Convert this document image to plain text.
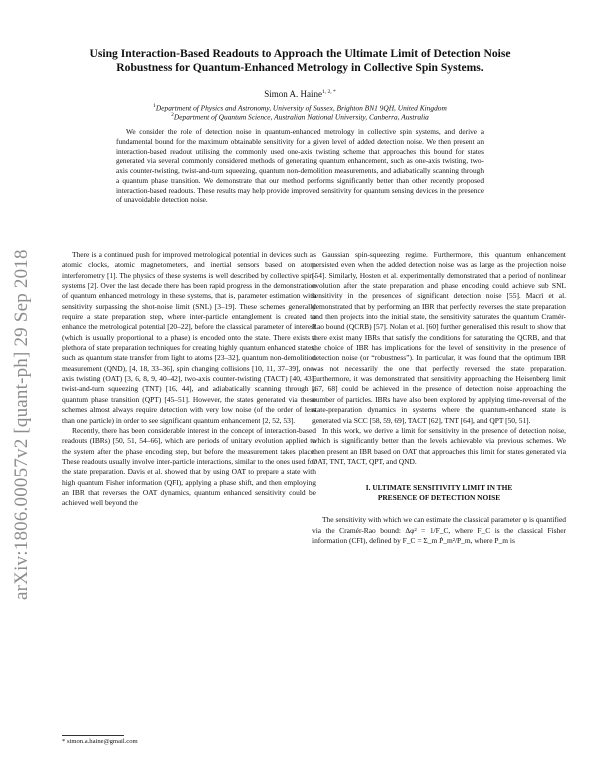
arXiv:1806.00057v2 [quant-ph] 29 Sep 2018
Using Interaction-Based Readouts to Approach the Ultimate Limit of Detection Noise
Robustness for Quantum-Enhanced Metrology in Collective Spin Systems.
Simon A. Haine$^{1, 2, *}$
$^1$Department of Physics and Astronomy, University of Sussex, Brighton BN1 9QH, United Kingdom
$^2$Department of Quantum Science, Australian National University, Canberra, Australia

We consider the role of detection noise in quantum-enhanced metrology in collective spin systems, and derive a fundamental bound for the maximum obtainable sensitivity for a given level of added detection noise. We then present an interaction-based readout utilising the commonly used one-axis twisting scheme that approaches this bound for states generated via several commonly considered methods of generating quantum enhancement, such as one-axis twisting, two-axis counter-twisting, twist-and-turn squeezing, quantum non-demolition measurements, and adiabatically scanning through a quantum phase transition. We demonstrate that our method performs significantly better than other recently proposed interaction-based readouts. These results may help provide improved sensitivity for quantum sensing devices in the presence of unavoidable detection noise.

There is a continued push for improved metrological potential in devices such as atomic clocks, atomic magnetometers, and inertial sensors based on atom interferometry [1]. The physics of these systems is well described by collective spin-systems [2]. Over the last decade there has been rapid progress in the demonstration of quantum enhanced metrology in these systems, that is, parameter estimation with sensitivity surpassing the shot-noise limit (SNL) [3–19]. These schemes generally require a state preparation step, where inter-particle entanglement is created to enhance the metrological potential [20–22], before the classical parameter of interest (which is usually proportional to a phase) is encoded onto the state. There exists a plethora of state preparation techniques for creating highly quantum enhanced states, such as quantum state transfer from light to atoms [23–32], quantum non-demolition measurement (QND), [4, 18, 33–36], spin changing collisions [10, 11, 37–39], one-axis twisting (OAT) [3, 6, 8, 9, 40–42], two-axis counter-twisting (TACT) [40, 43], twist-and-turn squeezing (TNT) [16, 44], and adiabatically scanning through a quantum phase transition (QPT) [45–51]. However, the states generated via these schemes almost always require detection with very low noise (of the order of less than one particle) in order to see significant quantum enhancement [2, 52, 53].

Recently, there has been considerable interest in the concept of interaction-based readouts (IBRs) [50, 51, 54–66], which are periods of unitary evolution applied to the system after the phase encoding step, but before the measurement takes place. These readouts usually involve inter-particle interactions, similar to the ones used for the state preparation. Davis et al. showed that by using OAT to prepare a state with high quantum Fisher information (QFI), applying a phase shift, and then employing an IBR that reverses the OAT dynamics, quantum enhanced sensitivity could be achieved well beyond the

Gaussian spin-squeezing regime. Furthermore, this quantum enhancement persisted even when the added detection noise was as large as the projection noise [54]. Similarly, Hosten et al. experimentally demonstrated that a period of nonlinear evolution after the state preparation and phase encoding could achieve sub SNL sensitivity in the presences of significant detection noise [55]. Macrì et al. demonstrated that by performing an IBR that perfectly reverses the state preparation and then projects into the initial state, the sensitivity saturates the quantum Cramér-Rao bound (QCRB) [57]. Nolan et al. [60] further generalised this result to show that there exist many IBRs that satisfy the conditions for saturating the QCRB, and that the choice of IBR has implications for the level of sensitivity in the presence of detection noise (or “robustness”). In particular, it was found that the optimum IBR was not necessarily the one that perfectly reversed the state preparation. Furthermore, it was demonstrated that sensitivity approaching the Heisenberg limit [67, 68] could be achieved in the presence of detection noise approaching the number of particles. IBRs have also been explored by applying time-reversal of the state-preparation dynamics in systems where the quantum-enhanced state is generated via SCC [58, 59, 69], TACT [62], TNT [64], and QPT [50, 51].

In this work, we derive a limit for sensitivity in the presence of detection noise, which is significantly better than the levels achievable via previous schemes. We then present an IBR based on OAT that approaches this limit for states generated via OAT, TNT, TACT, QPT, and QND.

I. ULTIMATE SENSITIVITY LIMIT IN THE
PRESENCE OF DETECTION NOISE

The sensitivity with which we can estimate the classical parameter φ is quantified via the Cramér-Rao bound: Δφ² = 1/F_C, where F_C is the classical Fisher information (CFI), defined by F_C = Σ_m Ṗ_m²/P_m, where P_m is

* simon.a.haine@gmail.com
